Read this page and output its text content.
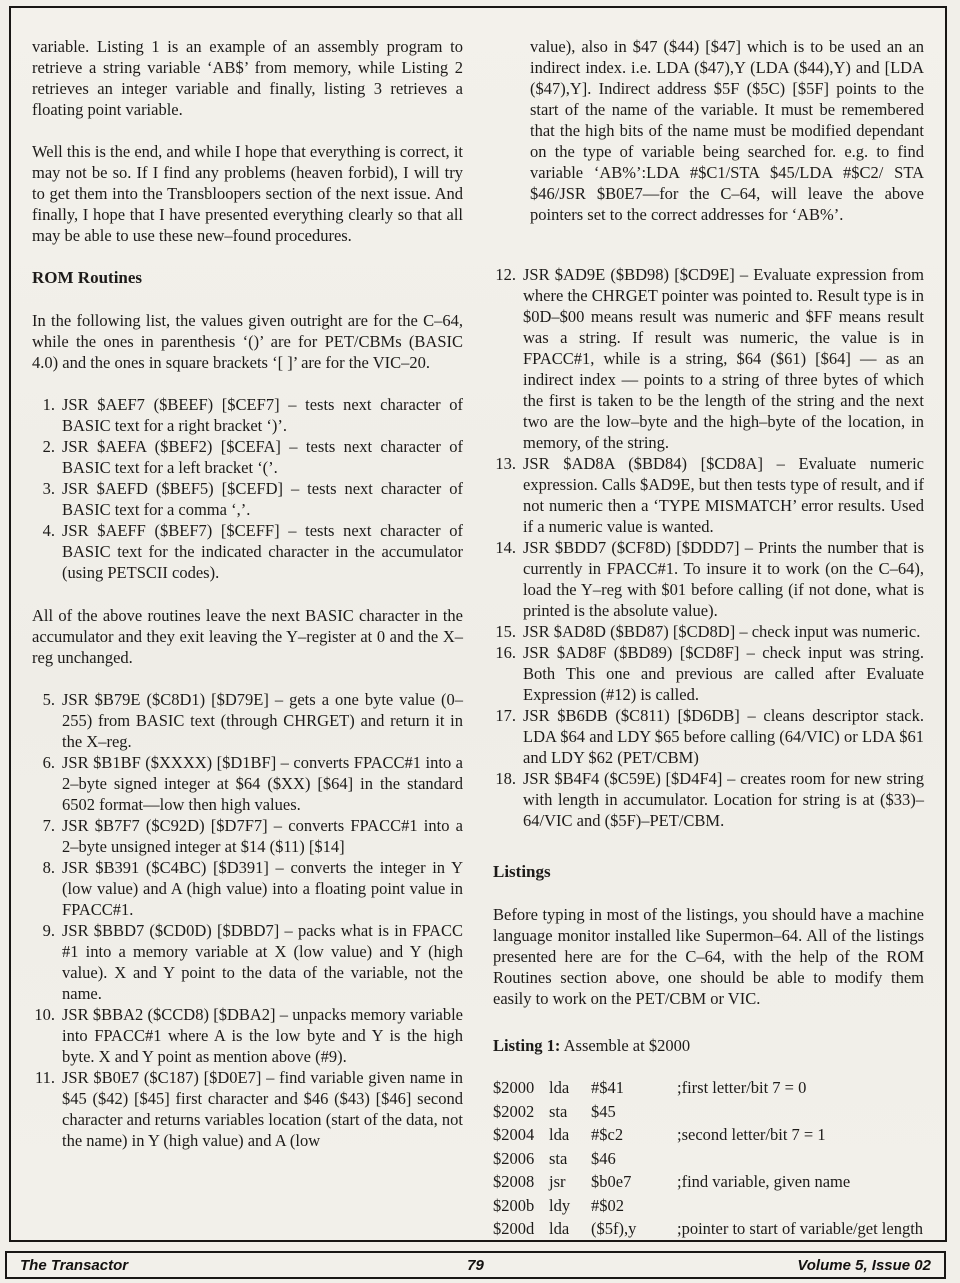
variable. Listing 1 is an example of an assembly program to retrieve a string variable ‘AB$’ from memory, while Listing 2 retrieves an integer variable and finally, listing 3 retrieves a floating point variable.

Well this is the end, and while I hope that everything is correct, it may not be so. If I find any problems (heaven forbid), I will try to get them into the Transbloopers section of the next issue. And finally, I hope that I have presented everything clearly so that all may be able to use these new–found procedures.

ROM Routines

In the following list, the values given outright are for the C–64, while the ones in parenthesis ‘()’ are for PET/CBMs (BASIC 4.0) and the ones in square brackets ‘[ ]’ are for the VIC–20.

1. JSR $AEF7 ($BEEF) [$CEF7] – tests next character of BASIC text for a right bracket ‘)’.
2. JSR $AEFA ($BEF2) [$CEFA] – tests next character of BASIC text for a left bracket ‘(’.
3. JSR $AEFD ($BEF5) [$CEFD] – tests next character of BASIC text for a comma ‘,’.
4. JSR $AEFF ($BEF7) [$CEFF] – tests next character of BASIC text for the indicated character in the accumulator (using PETSCII codes).

All of the above routines leave the next BASIC character in the accumulator and they exit leaving the Y–register at 0 and the X–reg unchanged.

5. JSR $B79E ($C8D1) [$D79E] – gets a one byte value (0–255) from BASIC text (through CHRGET) and return it in the X–reg.
6. JSR $B1BF ($XXXX) [$D1BF] – converts FPACC#1 into a 2–byte signed integer at $64 ($XX) [$64] in the standard 6502 format—low then high values.
7. JSR $B7F7 ($C92D) [$D7F7] – converts FPACC#1 into a 2–byte unsigned integer at $14 ($11) [$14]
8. JSR $B391 ($C4BC) [$D391] – converts the integer in Y (low value) and A (high value) into a floating point value in FPACC#1.
9. JSR $BBD7 ($CD0D) [$DBD7] – packs what is in FPACC #1 into a memory variable at X (low value) and Y (high value). X and Y point to the data of the variable, not the name.
10. JSR $BBA2 ($CCD8) [$DBA2] – unpacks memory variable into FPACC#1 where A is the low byte and Y is the high byte. X and Y point as mention above (#9).
11. JSR $B0E7 ($C187) [$D0E7] – find variable given name in $45 ($42) [$45] first character and $46 ($43) [$46] second character and returns variables location (start of the data, not the name) in Y (high value) and A (low

value), also in $47 ($44) [$47] which is to be used an an indirect index. i.e. LDA ($47),Y (LDA ($44),Y) and [LDA ($47),Y]. Indirect address $5F ($5C) [$5F] points to the start of the name of the variable. It must be remembered that the high bits of the name must be modified dependant on the type of variable being searched for. e.g. to find variable ‘AB%’:LDA #$C1/STA $45/LDA #$C2/ STA $46/JSR $B0E7—for the C–64, will leave the above pointers set to the correct addresses for ‘AB%’.

12. JSR $AD9E ($BD98) [$CD9E] – Evaluate expression from where the CHRGET pointer was pointed to. Result type is in $0D–$00 means result was numeric and $FF means result was a string. If result was numeric, the value is in FPACC#1, while is a string, $64 ($61) [$64] — as an indirect index — points to a string of three bytes of which the first is taken to be the length of the string and the next two are the low–byte and the high–byte of the location, in memory, of the string.
13. JSR $AD8A ($BD84) [$CD8A] – Evaluate numeric expression. Calls $AD9E, but then tests type of result, and if not numeric then a ‘TYPE MISMATCH’ error results. Used if a numeric value is wanted.
14. JSR $BDD7 ($CF8D) [$DDD7] – Prints the number that is currently in FPACC#1. To insure it to work (on the C–64), load the Y–reg with $01 before calling (if not done, what is printed is the absolute value).
15. JSR $AD8D ($BD87) [$CD8D] – check input was numeric.
16. JSR $AD8F ($BD89) [$CD8F] – check input was string. Both This one and previous are called after Evaluate Expression (#12) is called.
17. JSR $B6DB ($C811) [$D6DB] – cleans descriptor stack. LDA $64 and LDY $65 before calling (64/VIC) or LDA $61 and LDY $62 (PET/CBM)
18. JSR $B4F4 ($C59E) [$D4F4] – creates room for new string with length in accumulator. Location for string is at ($33)–64/VIC and ($5F)–PET/CBM.
Listings

Before typing in most of the listings, you should have a machine language monitor installed like Supermon–64. All of the listings presented here are for the C–64, with the help of the ROM Routines section above, one should be able to modify them easily to work on the PET/CBM or VIC.

Listing 1: Assemble at $2000
$2000 lda	#$41	;first letter/bit 7 = 0
$2002 sta	$45
$2004 lda	#$c2	;second letter/bit 7 = 1
$2006 sta	$46
$2008 jsr	$b0e7	;find variable, given name
$200b ldy	#$02
$200d lda	($5f),y	;pointer to start of variable/get length
The Transactor	79	Volume 5, Issue 02
